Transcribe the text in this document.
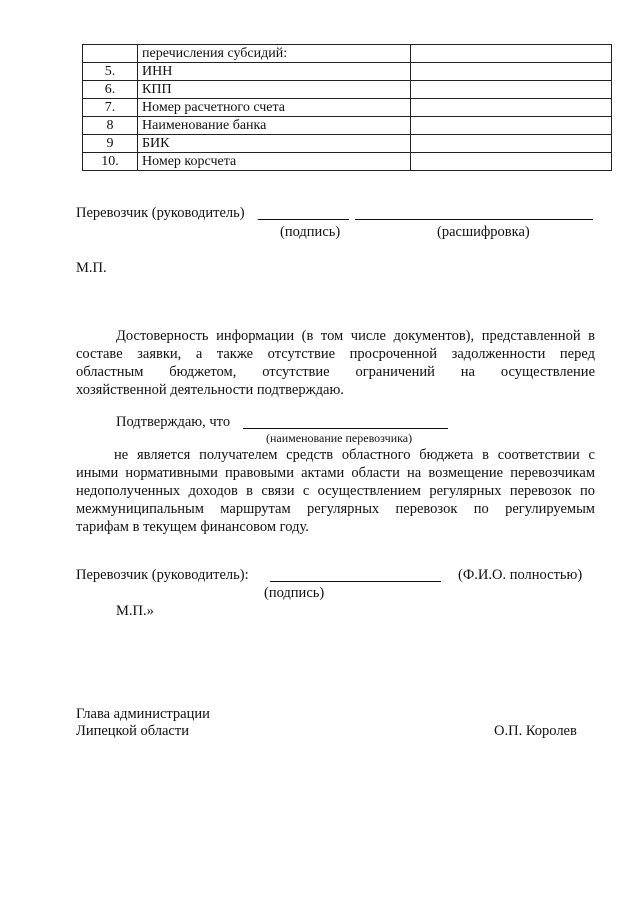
	перечисления субсидий:	
5.	ИНН	
6.	КПП	
7.	Номер расчетного счета	
8	Наименование банка	
9	БИК	
10.	Номер корсчета	
Перевозчик (руководитель)
(подпись)	(расшифровка)
М.П.
Достоверность информации (в том числе документов), представленной в
составе заявки, а также отсутствие просроченной задолженности перед
областным бюджетом, отсутствие ограничений на осуществление
хозяйственной деятельности подтверждаю.
Подтверждаю, что
(наименование перевозчика)
не является получателем средств областного бюджета в соответствии с
иными нормативными правовыми актами области на возмещение перевозчикам
недополученных доходов в связи с осуществлением регулярных перевозок по
межмуниципальным маршрутам регулярных перевозок по регулируемым
тарифам в текущем финансовом году.
Перевозчик (руководитель):	(Ф.И.О. полностью)
(подпись)
М.П.»
Глава администрации
Липецкой области	О.П. Королев
